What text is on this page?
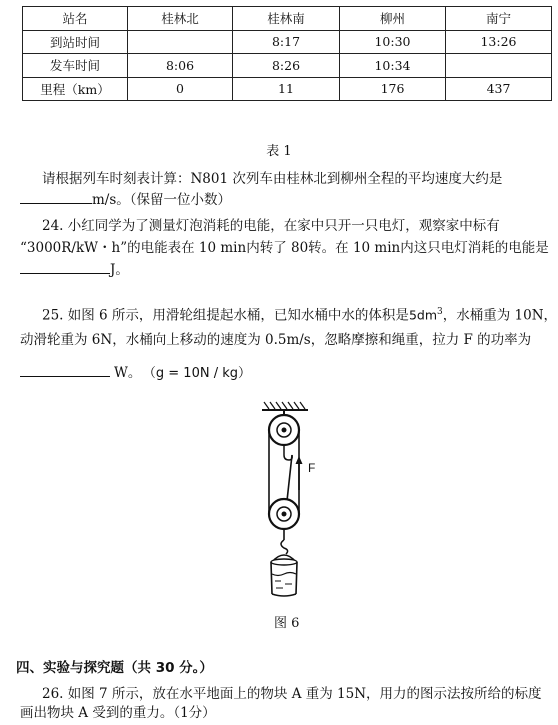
站名	桂林北	桂林南	柳州	南宁
到站时间		8:17	10:30	13:26
发车时间	8:06	8:26	10:34	
里程（km）	0	11	176	437
表 1
请根据列车时刻表计算：N801 次列车由桂林北到柳州全程的平均速度大约是
m/s。（保留一位小数）
24. 小红同学为了测量灯泡消耗的电能，在家中只开一只电灯，观察家中标有
“3000R/kW・h”的电能表在 10 min内转了 80转。在 10 min内这只电灯消耗的电能是
J。
25. 如图 6 所示，用滑轮组提起水桶，已知水桶中水的体积是$5dm^3$，水桶重为 10N，
动滑轮重为 6N，水桶向上移动的速度为 0.5m/s，忽略摩擦和绳重，拉力 F 的功率为
W。 （g = 10N / kg）
F
图 6
四、实验与探究题（共 30 分。）
26. 如图 7 所示，放在水平地面上的物块 A 重为 15N，用力的图示法按所给的标度
画出物块 A 受到的重力。（1分）
